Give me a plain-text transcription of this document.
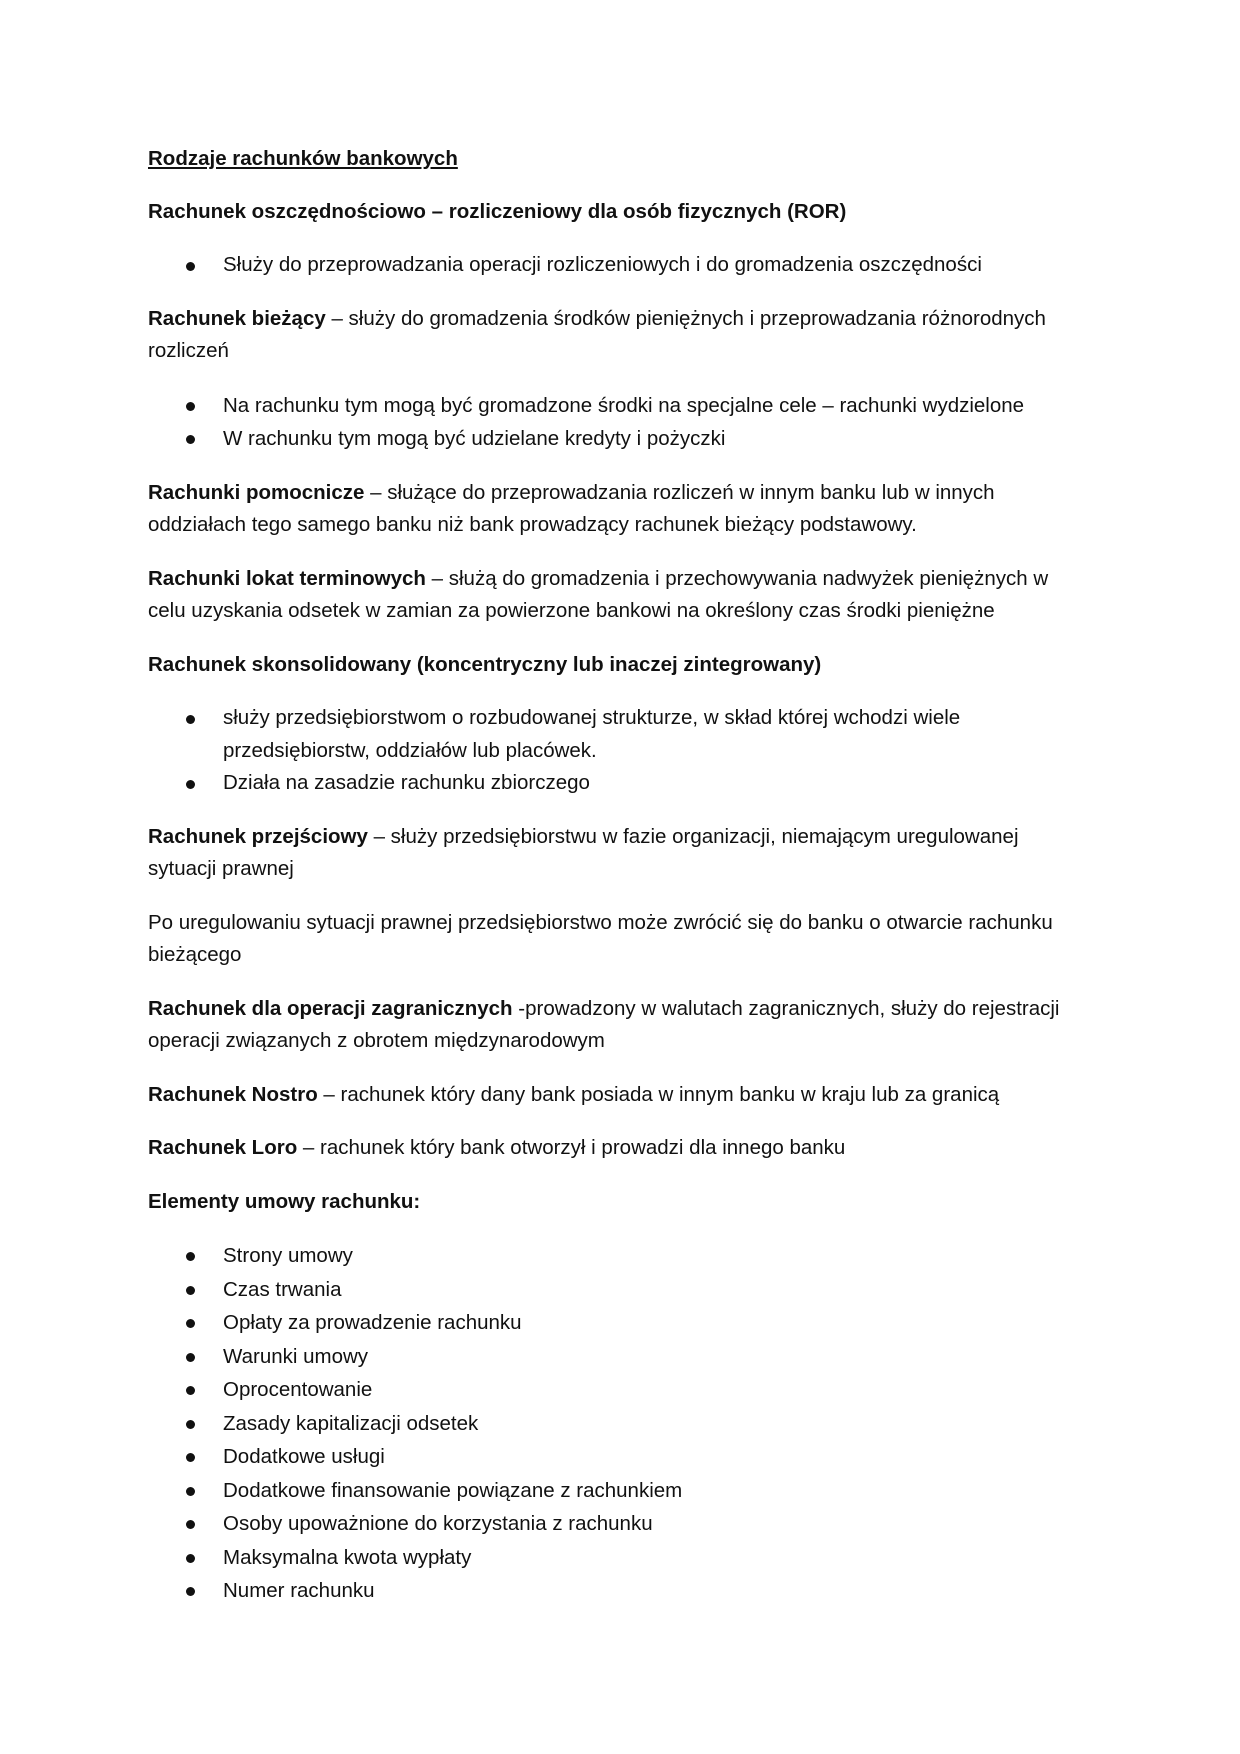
Rodzaje rachunków bankowych
Rachunek oszczędnościowo – rozliczeniowy dla osób fizycznych (ROR)
Służy do przeprowadzania operacji rozliczeniowych i do gromadzenia oszczędności

Rachunek bieżący – służy do gromadzenia środków pieniężnych i przeprowadzania różnorodnych rozliczeń

Na rachunku tym mogą być gromadzone środki na specjalne cele – rachunki wydzielone
W rachunku tym mogą być udzielane kredyty i pożyczki

Rachunki pomocnicze – służące do przeprowadzania rozliczeń w innym banku lub w innych oddziałach tego samego banku niż bank prowadzący rachunek bieżący podstawowy.

Rachunki lokat terminowych – służą do gromadzenia i przechowywania nadwyżek pieniężnych w celu uzyskania odsetek w zamian za powierzone bankowi na określony czas środki pieniężne

Rachunek skonsolidowany (koncentryczny lub inaczej zintegrowany)
służy przedsiębiorstwom o rozbudowanej strukturze, w skład której wchodzi wiele przedsiębiorstw, oddziałów lub placówek.
Działa na zasadzie rachunku zbiorczego

Rachunek przejściowy – służy przedsiębiorstwu w fazie organizacji, niemającym uregulowanej sytuacji prawnej

Po uregulowaniu sytuacji prawnej przedsiębiorstwo może zwrócić się do banku o otwarcie rachunku bieżącego

Rachunek dla operacji zagranicznych -prowadzony w walutach zagranicznych, służy do rejestracji operacji związanych z obrotem międzynarodowym

Rachunek Nostro – rachunek który dany bank posiada w innym banku w kraju lub za granicą

Rachunek Loro – rachunek który bank otworzył i prowadzi dla innego banku

Elementy umowy rachunku:
Strony umowy
Czas trwania
Opłaty za prowadzenie rachunku
Warunki umowy
Oprocentowanie
Zasady kapitalizacji odsetek
Dodatkowe usługi
Dodatkowe finansowanie powiązane z rachunkiem
Osoby upoważnione do korzystania z rachunku
Maksymalna kwota wypłaty
Numer rachunku
